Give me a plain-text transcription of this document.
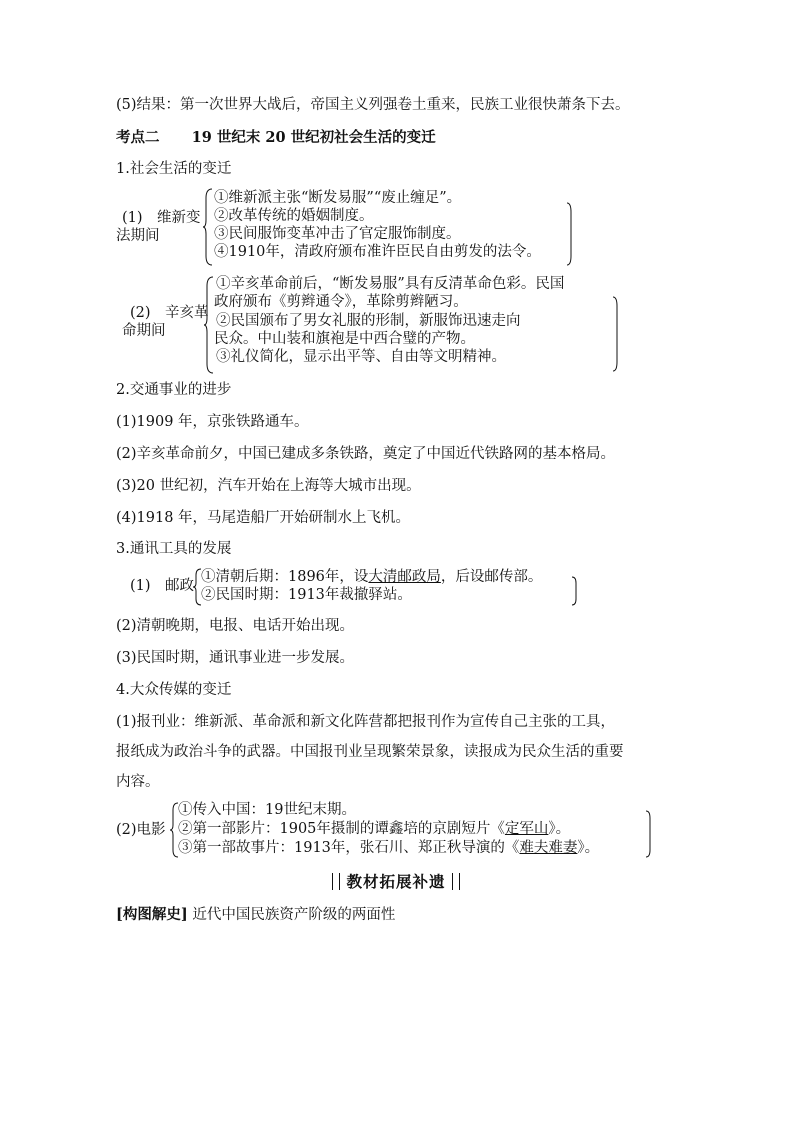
(5)结果：第一次世界大战后，帝国主义列强卷土重来，民族工业很快萧条下去。
考点二 19 世纪末 20 世纪初社会生活的变迁
1.社会生活的变迁
(1)　维新变
法期间
①维新派主张“断发易服”“废止缠足”。
②改革传统的婚姻制度。
③民间服饰变革冲击了官定服饰制度。
④1910年，清政府颁布准许臣民自由剪发的法令。
(2)　辛亥革
命期间
①辛亥革命前后，“断发易服”具有反清革命色彩。民国
政府颁布《剪辫通令》，革除剪辫陋习。
②民国颁布了男女礼服的形制，新服饰迅速走向
民众。中山装和旗袍是中西合璧的产物。
③礼仪简化，显示出平等、自由等文明精神。
2.交通事业的进步
(1)1909 年，京张铁路通车。
(2)辛亥革命前夕，中国已建成多条铁路，奠定了中国近代铁路网的基本格局。
(3)20 世纪初，汽车开始在上海等大城市出现。
(4)1918 年，马尾造船厂开始研制水上飞机。
3.通讯工具的发展
(1)　邮政
①清朝后期：1896年，设大清邮政局，后设邮传部。
②民国时期：1913年裁撤驿站。
(2)清朝晚期，电报、电话开始出现。
(3)民国时期，通讯事业进一步发展。
4.大众传媒的变迁
(1)报刊业：维新派、革命派和新文化阵营都把报刊作为宣传自己主张的工具，
报纸成为政治斗争的武器。中国报刊业呈现繁荣景象，读报成为民众生活的重要
内容。
(2)电影
①传入中国：19世纪末期。
②第一部影片：1905年摄制的谭鑫培的京剧短片《定军山》。
③第一部故事片：1913年，张石川、郑正秋导演的《难夫难妻》。
教材拓展补遗
[构图解史] 近代中国民族资产阶级的两面性
